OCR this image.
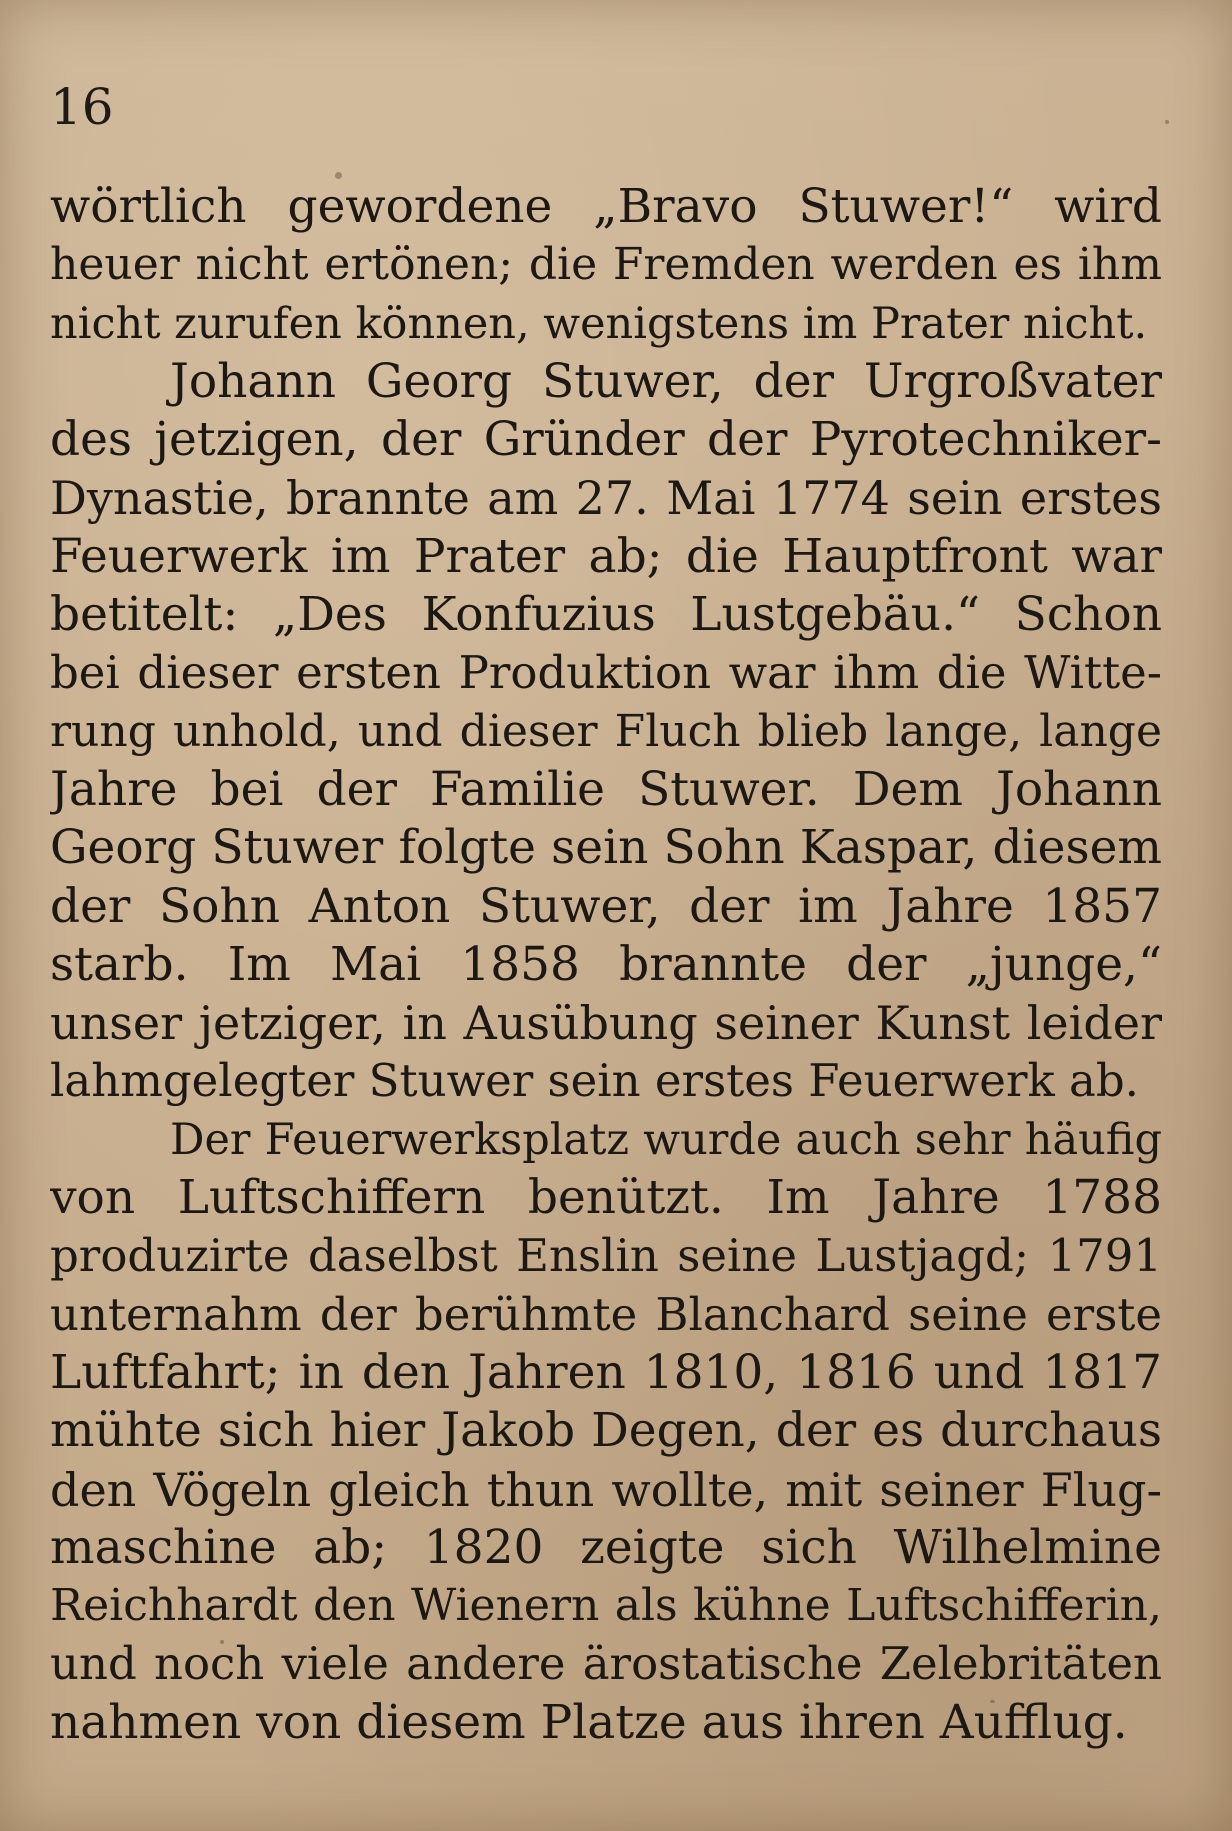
16
wörtlich gewordene „Bravo Stuwer!“ wird
heuer nicht ertönen; die Fremden werden es ihm
nicht zurufen können, wenigstens im Prater nicht.
Johann Georg Stuwer, der Urgroßvater
des jetzigen, der Gründer der Pyrotechniker-
Dynastie, brannte am 27. Mai 1774 sein erstes
Feuerwerk im Prater ab; die Hauptfront war
betitelt: „Des Konfuzius Lustgebäu.“ Schon
bei dieser ersten Produktion war ihm die Witte-
rung unhold, und dieser Fluch blieb lange, lange
Jahre bei der Familie Stuwer. Dem Johann
Georg Stuwer folgte sein Sohn Kaspar, diesem
der Sohn Anton Stuwer, der im Jahre 1857
starb. Im Mai 1858 brannte der „junge,“
unser jetziger, in Ausübung seiner Kunst leider
lahmgelegter Stuwer sein erstes Feuerwerk ab.
Der Feuerwerksplatz wurde auch sehr häufig
von Luftschiffern benützt. Im Jahre 1788
produzirte daselbst Enslin seine Lustjagd; 1791
unternahm der berühmte Blanchard seine erste
Luftfahrt; in den Jahren 1810, 1816 und 1817
mühte sich hier Jakob Degen, der es durchaus
den Vögeln gleich thun wollte, mit seiner Flug-
maschine ab; 1820 zeigte sich Wilhelmine
Reichhardt den Wienern als kühne Luftschifferin,
und noch viele andere ärostatische Zelebritäten
nahmen von diesem Platze aus ihren Aufflug.
